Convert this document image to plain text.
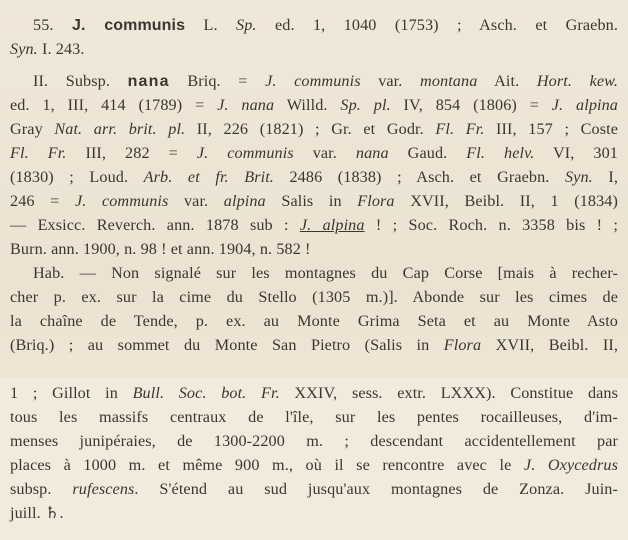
55. J. communis L. Sp. ed. 1, 1040 (1753) ; Asch. et Graebn.
Syn. I. 243.
II. Subsp. nana Briq. = J. communis var. montana Ait. Hort. kew.
ed. 1, III, 414 (1789) = J. nana Willd. Sp. pl. IV, 854 (1806) = J. alpina
Gray Nat. arr. brit. pl. II, 226 (1821) ; Gr. et Godr. Fl. Fr. III, 157 ; Coste
Fl. Fr. III, 282 = J. communis var. nana Gaud. Fl. helv. VI, 301
(1830) ; Loud. Arb. et fr. Brit. 2486 (1838) ; Asch. et Graebn. Syn. I,
246 = J. communis var. alpina Salis in Flora XVII, Beibl. II, 1 (1834)
— Exsicc. Reverch. ann. 1878 sub : J. alpina ! ; Soc. Roch. n. 3358 bis ! ;
Burn. ann. 1900, n. 98 ! et ann. 1904, n. 582 !
Hab. — Non signalé sur les montagnes du Cap Corse [mais à recher-
cher p. ex. sur la cime du Stello (1305 m.)]. Abonde sur les cimes de
la chaîne de Tende, p. ex. au Monte Grima Seta et au Monte Asto
(Briq.) ; au sommet du Monte San Pietro (Salis in Flora XVII, Beibl. II,
1 ; Gillot in Bull. Soc. bot. Fr. XXIV, sess. extr. LXXX). Constitue dans
tous les massifs centraux de l'île, sur les pentes rocailleuses, d'im-
menses junipéraies, de 1300-2200 m. ; descendant accidentellement par
places à 1000 m. et même 900 m., où il se rencontre avec le J. Oxycedrus
subsp. rufescens. S'étend au sud jusqu'aux montagnes de Zonza. Juin-
juill. ♄.
